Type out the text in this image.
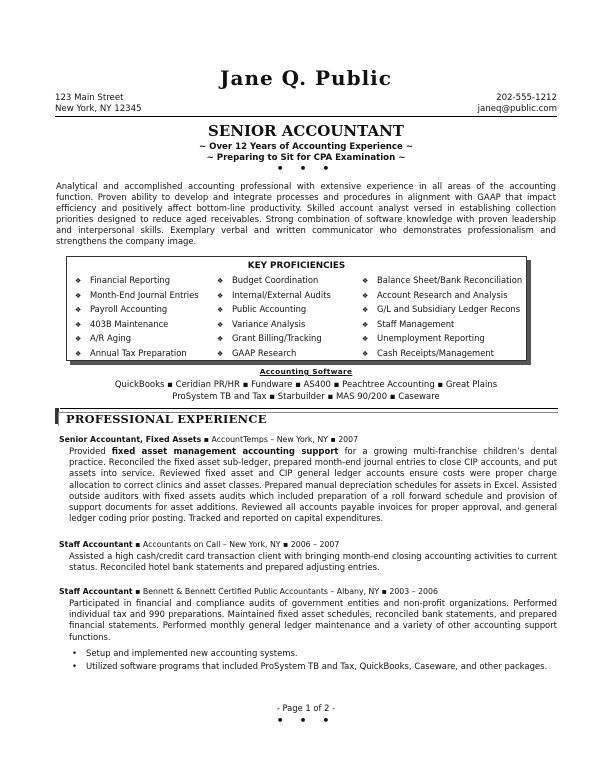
Jane Q. Public
123 Main Street
New York, NY 12345
202-555-1212
janeq@public.com
SENIOR ACCOUNTANT
~ Over 12 Years of Accounting Experience ~
~ Preparing to Sit for CPA Examination ~
• • •
Analytical and accomplished accounting professional with extensive experience in all areas of the accounting function. Proven ability to develop and integrate processes and procedures in alignment with GAAP that impact efficiency and positively affect bottom-line productivity. Skilled account analyst versed in establishing collection priorities designed to reduce aged receivables. Strong combination of software knowledge with proven leadership and interpersonal skills. Exemplary verbal and written communicator who demonstrates professionalism and strengthens the company image.
KEY PROFICIENCIES
❖ Financial Reporting
❖ Month-End Journal Entries
❖ Payroll Accounting
❖ 403B Maintenance
❖ A/R Aging
❖ Annual Tax Preparation
❖ Budget Coordination
❖ Internal/External Audits
❖ Public Accounting
❖ Variance Analysis
❖ Grant Billing/Tracking
❖ GAAP Research
❖ Balance Sheet/Bank Reconciliation
❖ Account Research and Analysis
❖ G/L and Subsidiary Ledger Recons
❖ Staff Management
❖ Unemployment Reporting
❖ Cash Receipts/Management
Accounting Software
QuickBooks ▪ Ceridian PR/HR ▪ Fundware ▪ AS400 ▪ Peachtree Accounting ▪ Great Plains
ProSystem TB and Tax ▪ Starbuilder ▪ MAS 90/200 ▪ Caseware
PROFESSIONAL EXPERIENCE
Senior Accountant, Fixed Assets ▪ AccountTemps – New York, NY ▪ 2007
Provided fixed asset management accounting support for a growing multi-franchise children’s dental practice. Reconciled the fixed asset sub-ledger, prepared month-end journal entries to close CIP accounts, and put assets into service. Reviewed fixed asset and CIP general ledger accounts ensure costs were proper charge allocation to correct clinics and asset classes. Prepared manual depreciation schedules for assets in Excel. Assisted outside auditors with fixed assets audits which included preparation of a roll forward schedule and provision of support documents for asset additions. Reviewed all accounts payable invoices for proper approval, and general ledger coding prior posting. Tracked and reported on capital expenditures.
Staff Accountant ▪ Accountants on Call – New York, NY ▪ 2006 – 2007
Assisted a high cash/credit card transaction client with bringing month-end closing accounting activities to current status. Reconciled hotel bank statements and prepared adjusting entries.
Staff Accountant ▪ Bennett & Bennett Certified Public Accountants – Albany, NY ▪ 2003 – 2006
Participated in financial and compliance audits of government entities and non-profit organizations. Performed individual tax and 990 preparations. Maintained fixed asset schedules, reconciled bank statements, and prepared financial statements. Performed monthly general ledger maintenance and a variety of other accounting support functions.
• Setup and implemented new accounting systems.
• Utilized software programs that included ProSystem TB and Tax, QuickBooks, Caseware, and other packages.
- Page 1 of 2 -
• • •
